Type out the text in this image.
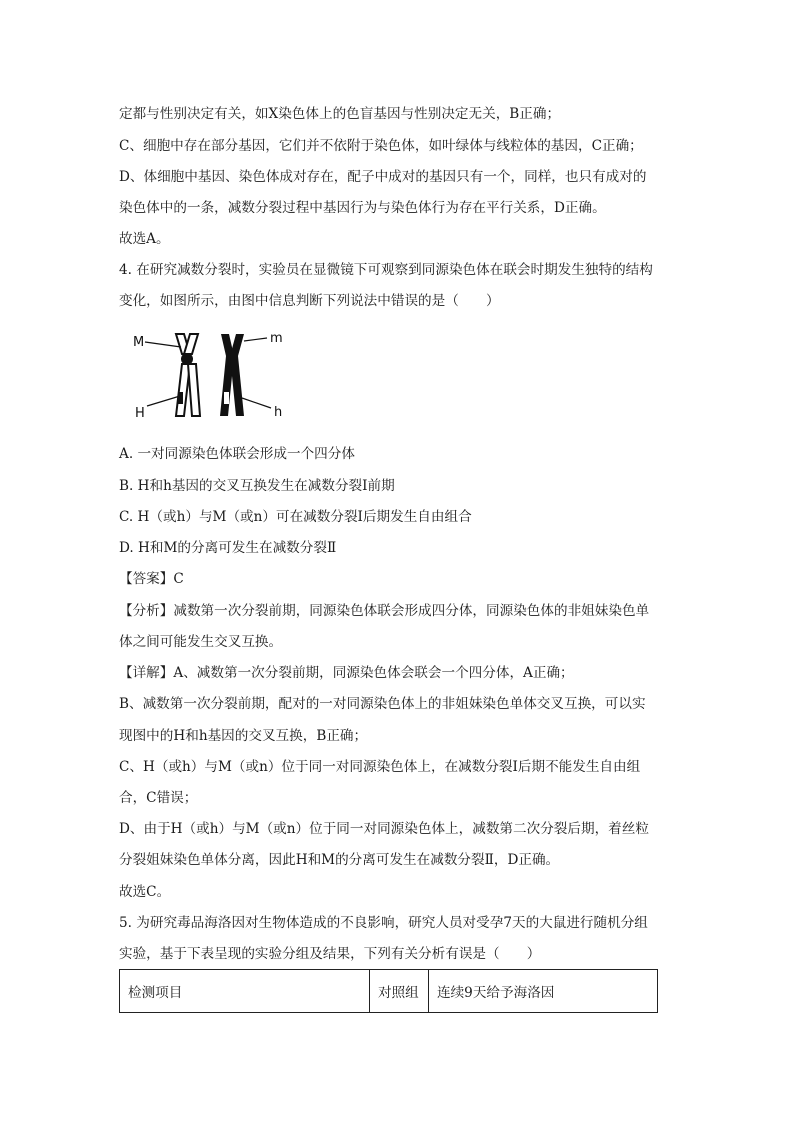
定都与性别决定有关，如X染色体上的色盲基因与性别决定无关，B正确；
C、细胞中存在部分基因，它们并不依附于染色体，如叶绿体与线粒体的基因，C正确；
D、体细胞中基因、染色体成对存在，配子中成对的基因只有一个，同样，也只有成对的
染色体中的一条，减数分裂过程中基因行为与染色体行为存在平行关系，D正确。
故选A。
4. 在研究减数分裂时，实验员在显微镜下可观察到同源染色体在联会时期发生独特的结构
变化，如图所示，由图中信息判断下列说法中错误的是（　　）
M	m
H	h
A. 一对同源染色体联会形成一个四分体
B. H和h基因的交叉互换发生在减数分裂Ⅰ前期
C. H（或h）与M（或n）可在减数分裂Ⅰ后期发生自由组合
D. H和M的分离可发生在减数分裂Ⅱ
【答案】C
【分析】减数第一次分裂前期，同源染色体联会形成四分体，同源染色体的非姐妹染色单
体之间可能发生交叉互换。
【详解】A、减数第一次分裂前期，同源染色体会联会一个四分体，A正确；
B、减数第一次分裂前期，配对的一对同源染色体上的非姐妹染色单体交叉互换，可以实
现图中的H和h基因的交叉互换，B正确；
C、H（或h）与M（或n）位于同一对同源染色体上，在减数分裂Ⅰ后期不能发生自由组
合，C错误；
D、由于H（或h）与M（或n）位于同一对同源染色体上，减数第二次分裂后期，着丝粒
分裂姐妹染色单体分离，因此H和M的分离可发生在减数分裂Ⅱ，D正确。
故选C。
5. 为研究毒品海洛因对生物体造成的不良影响，研究人员对受孕7天的大鼠进行随机分组
实验，基于下表呈现的实验分组及结果，下列有关分析有误是（　　）
检测项目	对照组	连续9天给予海洛因
